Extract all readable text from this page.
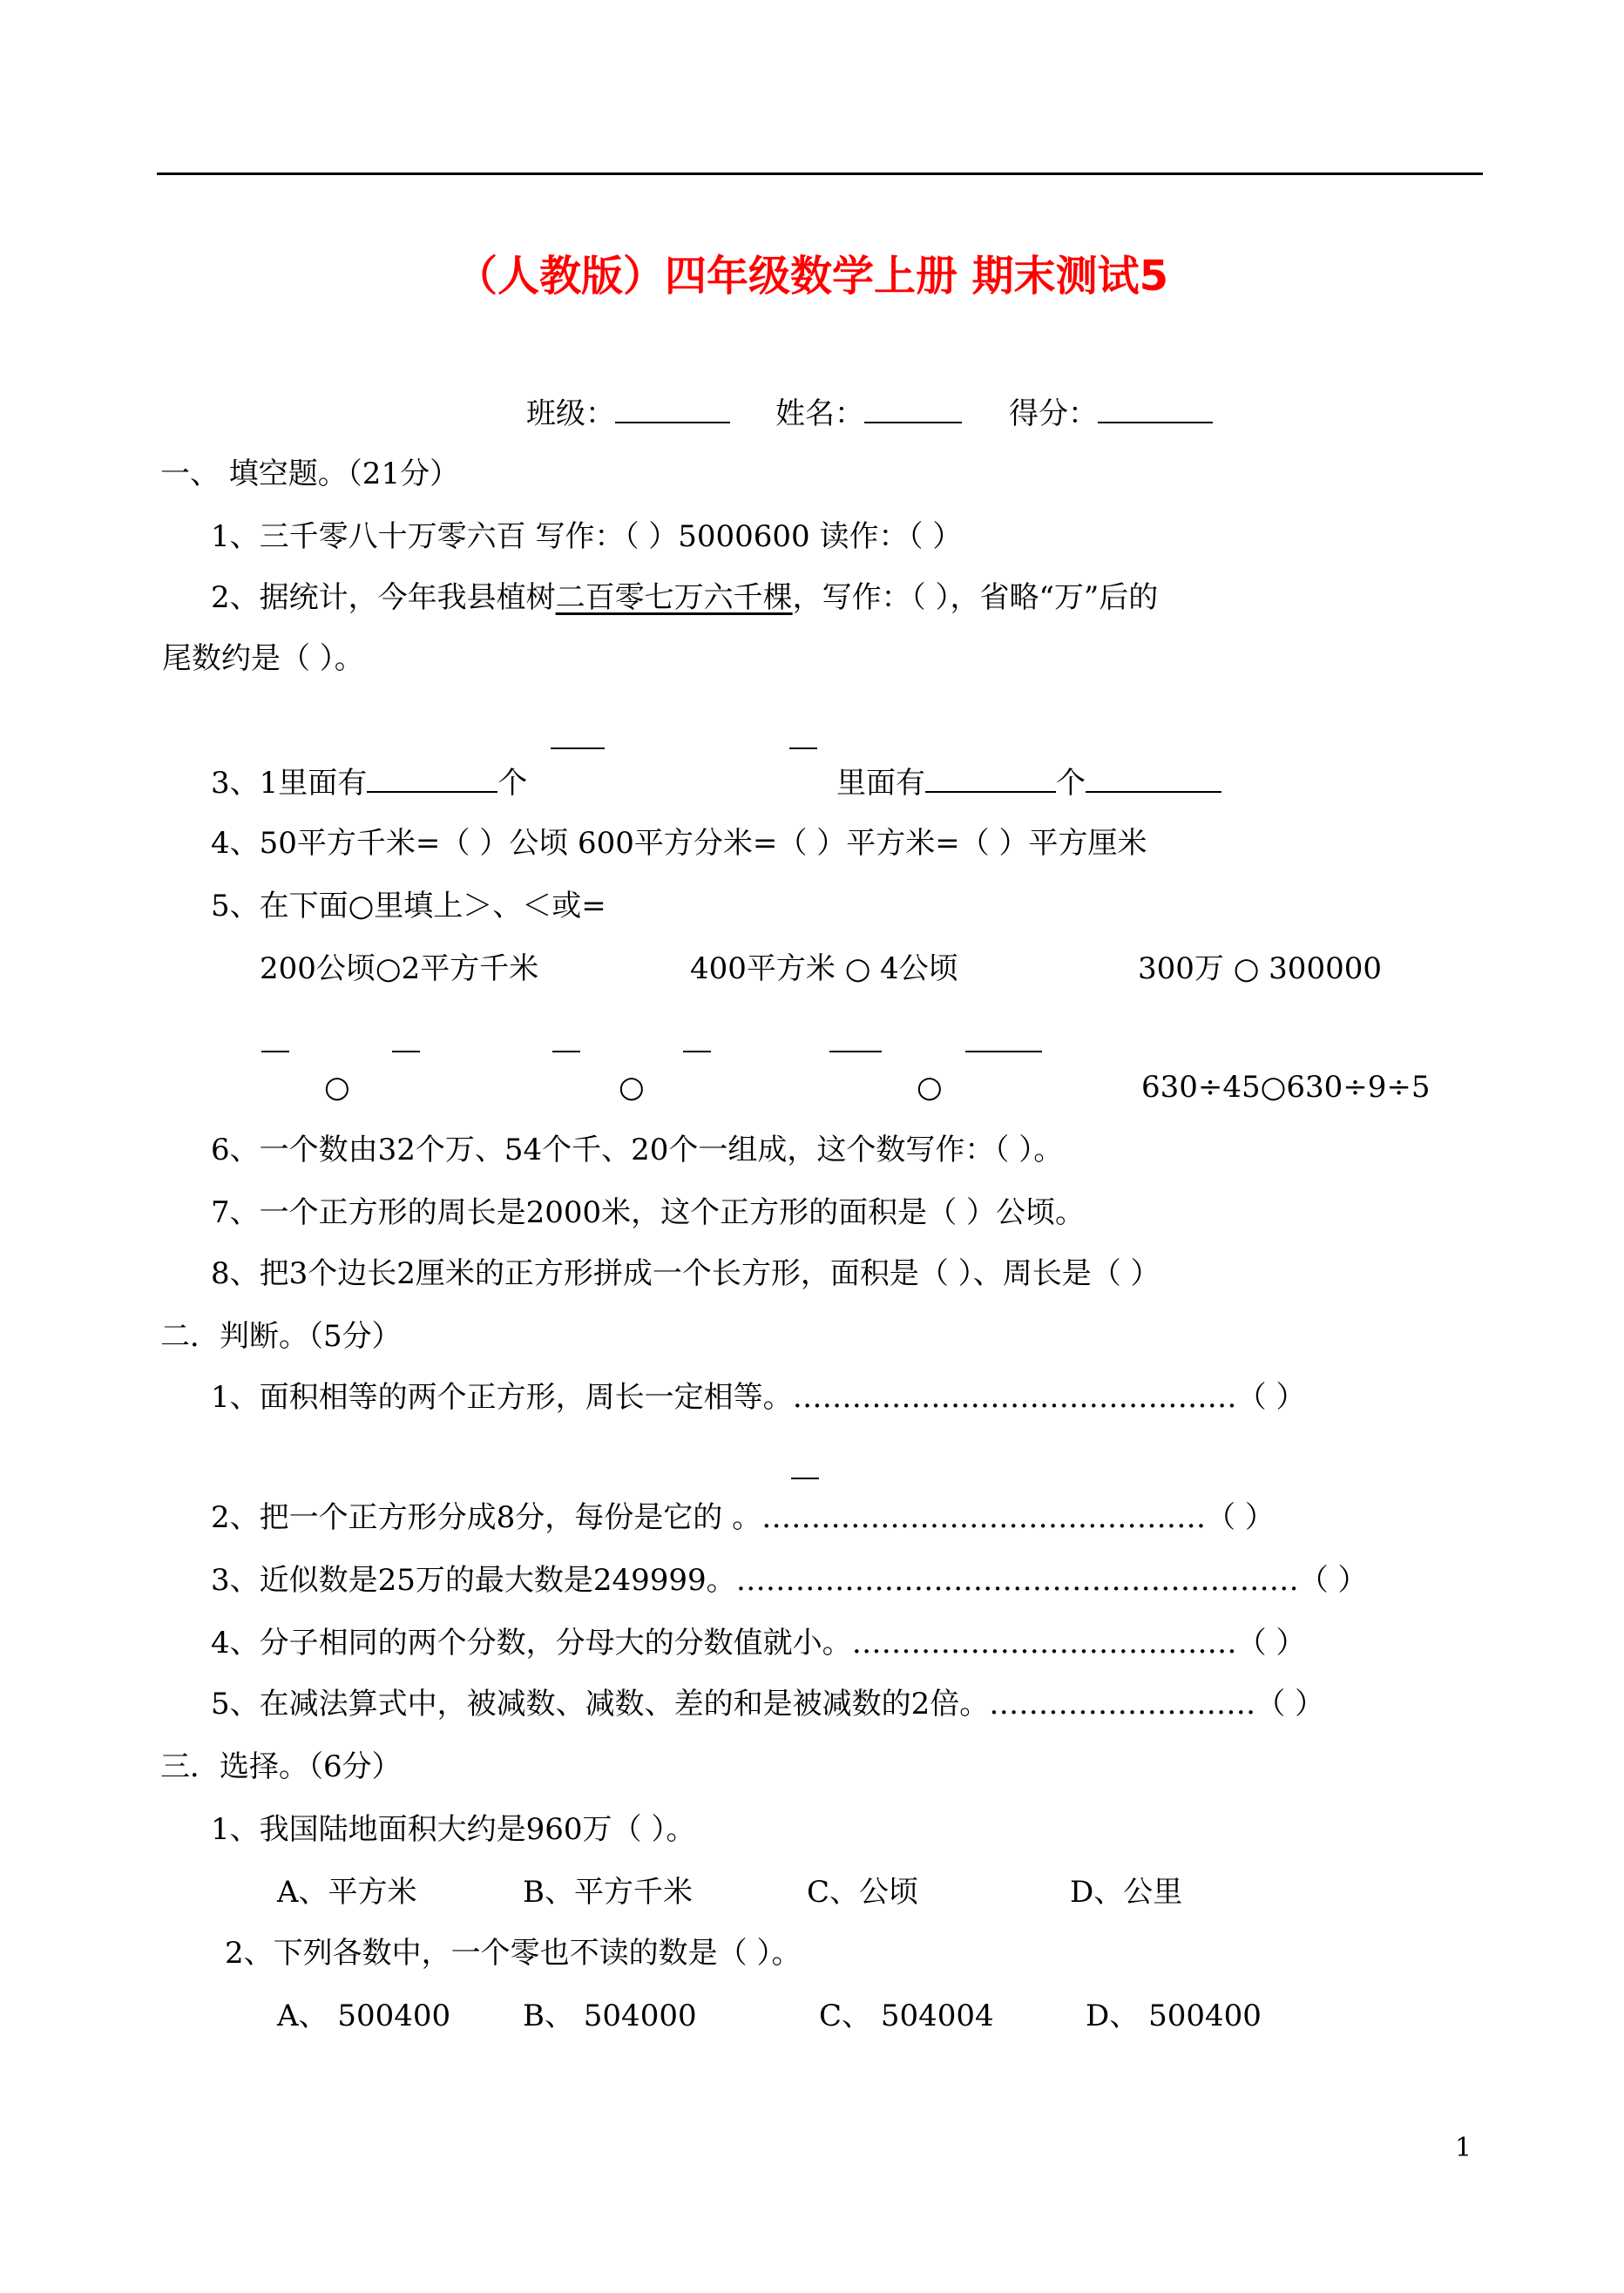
（人教版）四年级数学上册 期末测试5
班级：	姓名：	得分：
一、 填空题。（21分）
1、三千零八十万零六百 写作：（ ）5000600 读作：（ ）
2、据统计，今年我县植树二百零七万六千棵，写作：（ ），省略“万”后的
尾数约是（ ）。
3、1里面有	个	里面有	个
4、50平方千米=（ ）公顷 600平方分米=（ ）平方米=（ ）平方厘米
5、在下面○里填上＞、＜或=
200公顷○2平方千米	400平方米 ○ 4公顷	300万 ○ 300000
○	○	○	630÷45○630÷9÷5
6、一个数由32个万、54个千、20个一组成，这个数写作：（ ）。
7、一个正方形的周长是2000米，这个正方形的面积是（ ）公顷。
8、把3个边长2厘米的正方形拼成一个长方形，面积是（ ）、周长是（ ）
二．判断。（5分）
1、面积相等的两个正方形，周长一定相等。………………………………………（ ）
2、把一个正方形分成8分，每份是它的 。………………………………………（ ）
3、近似数是25万的最大数是249999。…………………………………………………（ ）
4、分子相同的两个分数，分母大的分数值就小。…………………………………（ ）
5、在减法算式中，被减数、减数、差的和是被减数的2倍。………………………（ ）
三．选择。（6分）
1、我国陆地面积大约是960万（ ）。
A、平方米	B、平方千米	C、公顷	D、公里
2、下列各数中，一个零也不读的数是（ ）。
A、 500400 B、 504000	C、 504004	D、 500400
1
